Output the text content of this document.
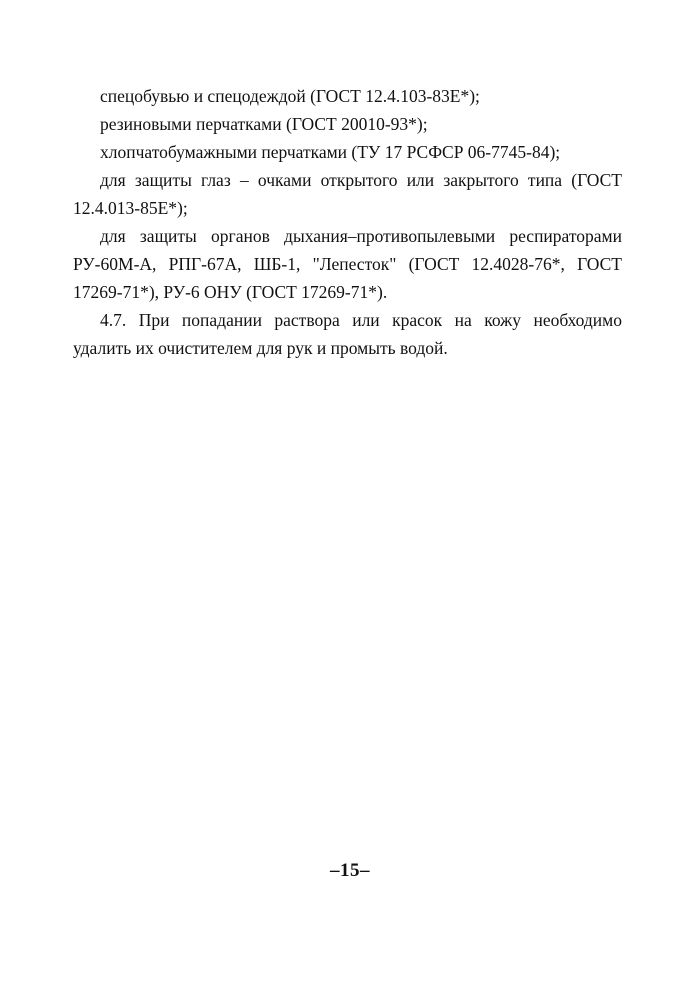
спецобувью и спецодеждой (ГОСТ 12.4.103-83Е*);
резиновыми перчатками (ГОСТ 20010-93*);
хлопчатобумажными перчатками (ТУ 17 РСФСР 06-7745-84);
для защиты глаз – очками открытого или закрытого типа (ГОСТ
12.4.013-85Е*);
для защиты органов дыхания–противопылевыми респираторами
РУ-60М-А, РПГ-67А, ШБ-1, "Лепесток" (ГОСТ 12.4028-76*, ГОСТ
17269-71*), РУ-6 ОНУ (ГОСТ 17269-71*).
4.7. При попадании раствора или красок на кожу необходимо
удалить их очистителем для рук и промыть водой.
–15–
